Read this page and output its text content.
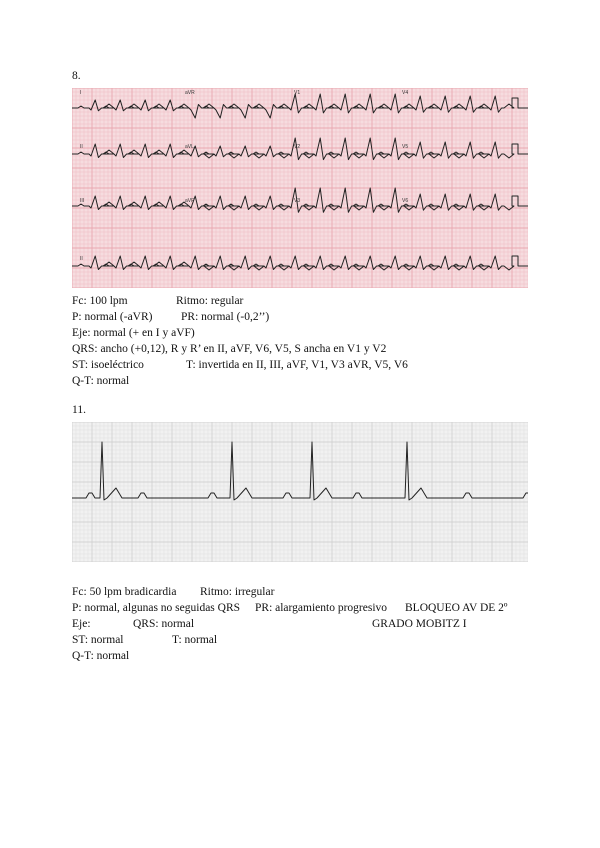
8.
I	aVR	V1	V4
II	aVL	V2	V5
III	aVF	V3	V6
II
Fc: 100 lpm	Ritmo: regular
P: normal (-aVR) PR: normal (-0,2’’)
Eje: normal (+ en I y aVF)
QRS: ancho (+0,12), R y R’ en II, aVF, V6, V5, S ancha en V1 y V2
ST: isoeléctrico	T: invertida en II, III, aVF, V1, V3 aVR, V5, V6
Q-T: normal
11.
Fc: 50 lpm bradicardia Ritmo: irregular
P: normal, algunas no seguidas QRS PR: alargamiento progresivo BLOQUEO AV DE 2º
Eje:	QRS: normal	GRADO MOBITZ I
ST: normal	T: normal
Q-T: normal
